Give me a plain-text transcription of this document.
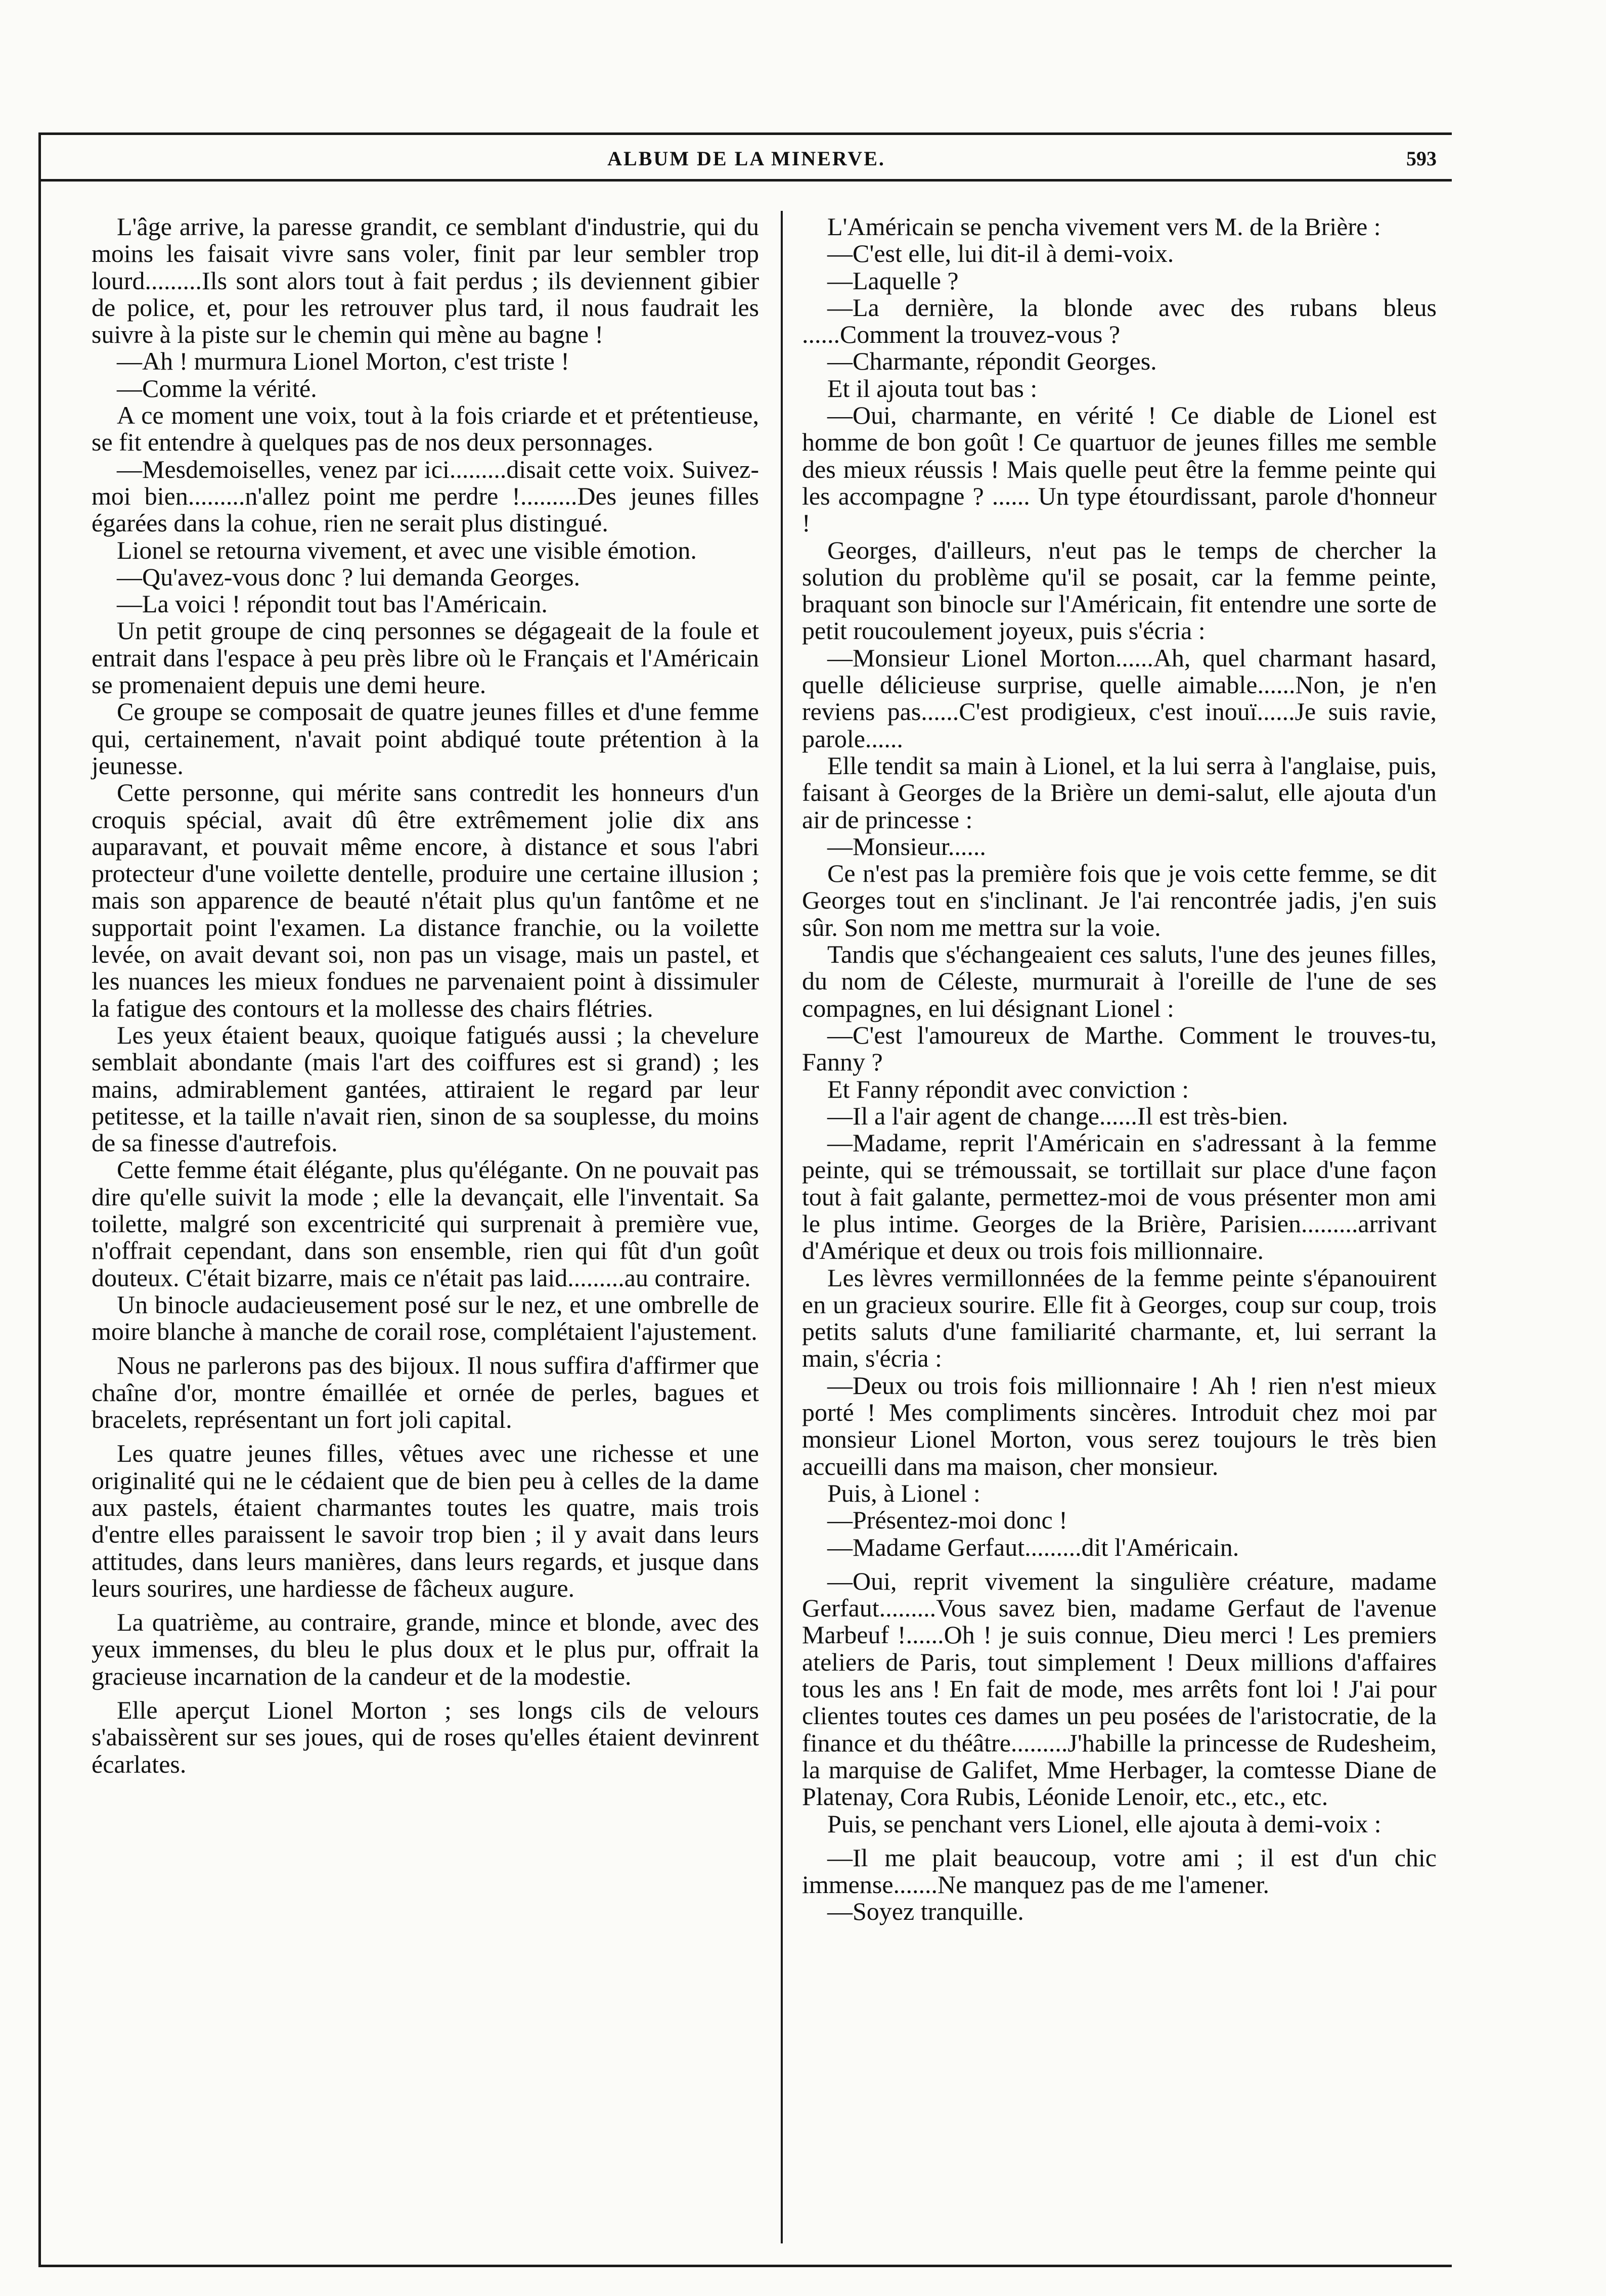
ALBUM DE LA MINERVE.	593

L'âge arrive, la paresse grandit, ce semblant d'industrie, qui du moins les faisait vivre sans voler, finit par leur sembler trop lourd.........Ils sont alors tout à fait perdus ; ils deviennent gibier de police, et, pour les retrouver plus tard, il nous faudrait les suivre à la piste sur le chemin qui mène au bagne !

—Ah ! murmura Lionel Morton, c'est triste !

—Comme la vérité.

A ce moment une voix, tout à la fois criarde et et prétentieuse, se fit entendre à quelques pas de nos deux personnages.

—Mesdemoiselles, venez par ici.........disait cette voix. Suivez-moi bien.........n'allez point me perdre !.........Des jeunes filles égarées dans la cohue, rien ne serait plus distingué.

Lionel se retourna vivement, et avec une visible émotion.

—Qu'avez-vous donc ? lui demanda Georges.

—La voici ! répondit tout bas l'Américain.

Un petit groupe de cinq personnes se dégageait de la foule et entrait dans l'espace à peu près libre où le Français et l'Américain se promenaient depuis une demi heure.

Ce groupe se composait de quatre jeunes filles et d'une femme qui, certainement, n'avait point abdiqué toute prétention à la jeunesse.

Cette personne, qui mérite sans contredit les honneurs d'un croquis spécial, avait dû être extrêmement jolie dix ans auparavant, et pouvait même encore, à distance et sous l'abri protecteur d'une voilette dentelle, produire une certaine illusion ; mais son apparence de beauté n'était plus qu'un fantôme et ne supportait point l'examen. La distance franchie, ou la voilette levée, on avait devant soi, non pas un visage, mais un pastel, et les nuances les mieux fondues ne parvenaient point à dissimuler la fatigue des contours et la mollesse des chairs flétries.

Les yeux étaient beaux, quoique fatigués aussi ; la chevelure semblait abondante (mais l'art des coiffures est si grand) ; les mains, admirablement gantées, attiraient le regard par leur petitesse, et la taille n'avait rien, sinon de sa souplesse, du moins de sa finesse d'autrefois.

Cette femme était élégante, plus qu'élégante. On ne pouvait pas dire qu'elle suivit la mode ; elle la devançait, elle l'inventait. Sa toilette, malgré son excentricité qui surprenait à première vue, n'offrait cependant, dans son ensemble, rien qui fût d'un goût douteux. C'était bizarre, mais ce n'était pas laid.........au contraire.

Un binocle audacieusement posé sur le nez, et une ombrelle de moire blanche à manche de corail rose, complétaient l'ajustement.

Nous ne parlerons pas des bijoux. Il nous suffira d'affirmer que chaîne d'or, montre émaillée et ornée de perles, bagues et bracelets, représentant un fort joli capital.

Les quatre jeunes filles, vêtues avec une richesse et une originalité qui ne le cédaient que de bien peu à celles de la dame aux pastels, étaient charmantes toutes les quatre, mais trois d'entre elles paraissent le savoir trop bien ; il y avait dans leurs attitudes, dans leurs manières, dans leurs regards, et jusque dans leurs sourires, une hardiesse de fâcheux augure.

La quatrième, au contraire, grande, mince et blonde, avec des yeux immenses, du bleu le plus doux et le plus pur, offrait la gracieuse incarnation de la candeur et de la modestie.

Elle aperçut Lionel Morton ; ses longs cils de velours s'abaissèrent sur ses joues, qui de roses qu'elles étaient devinrent écarlates.

L'Américain se pencha vivement vers M. de la Brière :

—C'est elle, lui dit-il à demi-voix.

—Laquelle ?

—La dernière, la blonde avec des rubans bleus ......Comment la trouvez-vous ?

—Charmante, répondit Georges.

Et il ajouta tout bas :

—Oui, charmante, en vérité ! Ce diable de Lionel est homme de bon goût ! Ce quartuor de jeunes filles me semble des mieux réussis ! Mais quelle peut être la femme peinte qui les accompagne ? ...... Un type étourdissant, parole d'honneur !

Georges, d'ailleurs, n'eut pas le temps de chercher la solution du problème qu'il se posait, car la femme peinte, braquant son binocle sur l'Américain, fit entendre une sorte de petit roucoulement joyeux, puis s'écria :

—Monsieur Lionel Morton......Ah, quel charmant hasard, quelle délicieuse surprise, quelle aimable......Non, je n'en reviens pas......C'est prodigieux, c'est inouï......Je suis ravie, parole......

Elle tendit sa main à Lionel, et la lui serra à l'anglaise, puis, faisant à Georges de la Brière un demi-salut, elle ajouta d'un air de princesse :

—Monsieur......

Ce n'est pas la première fois que je vois cette femme, se dit Georges tout en s'inclinant. Je l'ai rencontrée jadis, j'en suis sûr. Son nom me mettra sur la voie.

Tandis que s'échangeaient ces saluts, l'une des jeunes filles, du nom de Céleste, murmurait à l'oreille de l'une de ses compagnes, en lui désignant Lionel :

—C'est l'amoureux de Marthe. Comment le trouves-tu, Fanny ?

Et Fanny répondit avec conviction :

—Il a l'air agent de change......Il est très-bien.

—Madame, reprit l'Américain en s'adressant à la femme peinte, qui se trémoussait, se tortillait sur place d'une façon tout à fait galante, permettez-moi de vous présenter mon ami le plus intime. Georges de la Brière, Parisien.........arrivant d'Amérique et deux ou trois fois millionnaire.

Les lèvres vermillonnées de la femme peinte s'épanouirent en un gracieux sourire. Elle fit à Georges, coup sur coup, trois petits saluts d'une familiarité charmante, et, lui serrant la main, s'écria :

—Deux ou trois fois millionnaire ! Ah ! rien n'est mieux porté ! Mes compliments sincères. Introduit chez moi par monsieur Lionel Morton, vous serez toujours le très bien accueilli dans ma maison, cher monsieur.

Puis, à Lionel :

—Présentez-moi donc !

—Madame Gerfaut.........dit l'Américain.

—Oui, reprit vivement la singulière créature, madame Gerfaut.........Vous savez bien, madame Gerfaut de l'avenue Marbeuf !......Oh ! je suis connue, Dieu merci ! Les premiers ateliers de Paris, tout simplement ! Deux millions d'affaires tous les ans ! En fait de mode, mes arrêts font loi ! J'ai pour clientes toutes ces dames un peu posées de l'aristocratie, de la finance et du théâtre.........J'habille la princesse de Rudesheim, la marquise de Galifet, Mme Herbager, la comtesse Diane de Platenay, Cora Rubis, Léonide Lenoir, etc., etc., etc.

Puis, se penchant vers Lionel, elle ajouta à demi-voix :

—Il me plait beaucoup, votre ami ; il est d'un chic immense.......Ne manquez pas de me l'amener.

—Soyez tranquille.
